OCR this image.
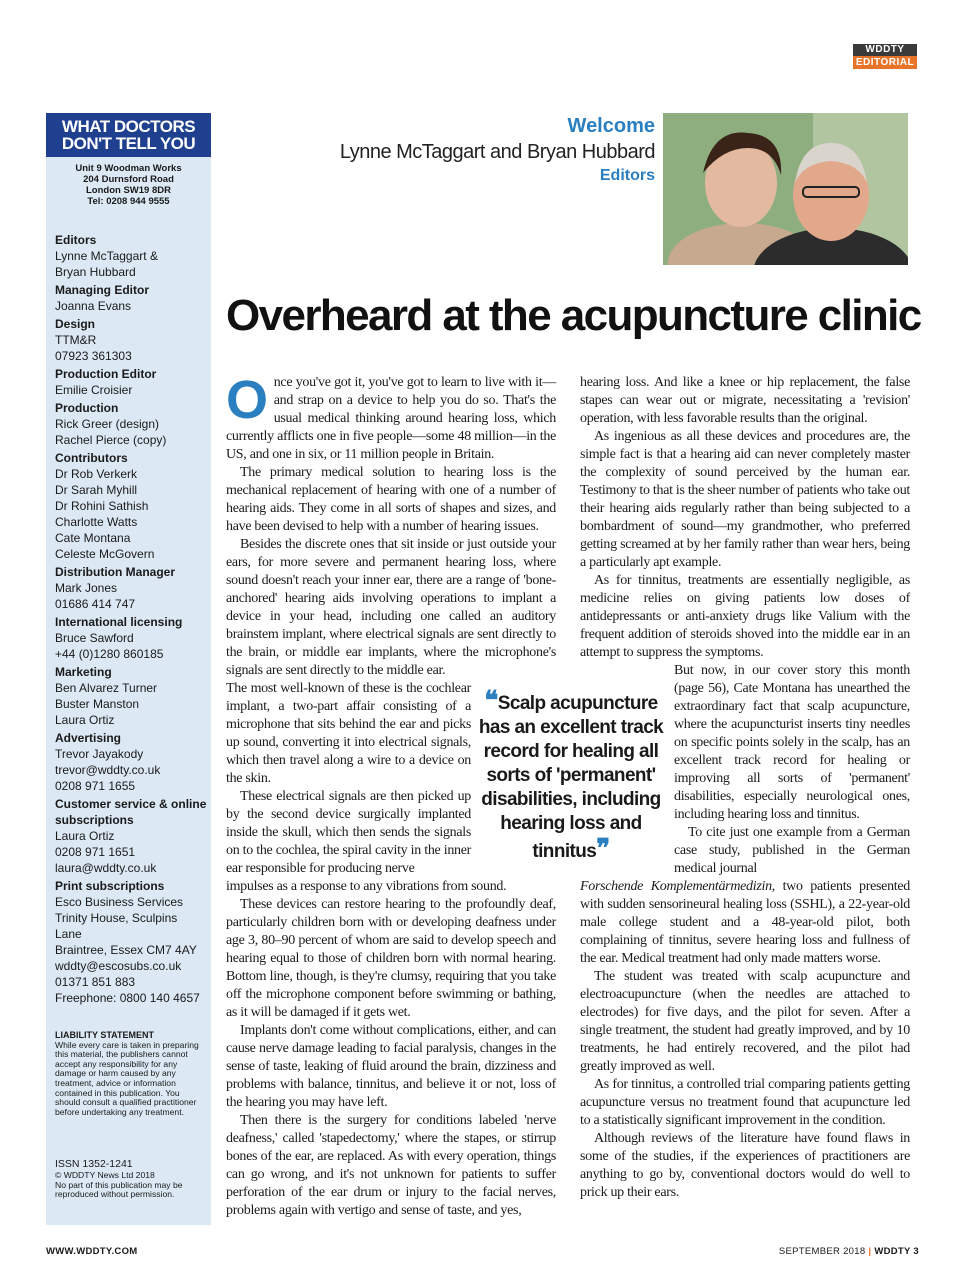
WDDTY
EDITORIAL
WHAT DOCTORS
DON'T TELL YOU
Unit 9 Woodman Works
204 Durnsford Road
London SW19 8DR
Tel: 0208 944 9555
Editors
Lynne McTaggart &
Bryan Hubbard
Managing Editor
Joanna Evans
Design
TTM&R
07923 361303
Production Editor
Emilie Croisier
Production
Rick Greer (design)
Rachel Pierce (copy)
Contributors
Dr Rob Verkerk
Dr Sarah Myhill
Dr Rohini Sathish
Charlotte Watts
Cate Montana
Celeste McGovern
Distribution Manager
Mark Jones
01686 414 747
International licensing
Bruce Sawford
+44 (0)1280 860185
Marketing
Ben Alvarez Turner
Buster Manston
Laura Ortiz
Advertising
Trevor Jayakody
trevor@wddty.co.uk
0208 971 1655
Customer service & online subscriptions
Laura Ortiz
0208 971 1651
laura@wddty.co.uk
Print subscriptions
Esco Business Services
Trinity House, Sculpins Lane
Braintree, Essex CM7 4AY
wddty@escosubs.co.uk
01371 851 883
Freephone: 0800 140 4657
LIABILITY STATEMENT
While every care is taken in preparing this material, the publishers cannot accept any responsibility for any damage or harm caused by any treatment, advice or information contained in this publication. You should consult a qualified practitioner before undertaking any treatment.
ISSN 1352-1241
© WDDTY News Ltd 2018
No part of this publication may be reproduced without permission.
Welcome
Lynne McTaggart and Bryan Hubbard
Editors
Overheard at the acupuncture clinic

Once you've got it, you've got to learn to live with it—and strap on a device to help you do so. That's the usual medical thinking around hearing loss, which currently afflicts one in five people—some 48 million—in the US, and one in six, or 11 million people in Britain.

The primary medical solution to hearing loss is the mechanical replacement of hearing with one of a number of hearing aids. They come in all sorts of shapes and sizes, and have been devised to help with a number of hearing issues.

Besides the discrete ones that sit inside or just outside your ears, for more severe and permanent hearing loss, where sound doesn't reach your inner ear, there are a range of 'bone-anchored' hearing aids involving operations to implant a device in your head, including one called an auditory brainstem implant, where electrical signals are sent directly to the brain, or middle ear implants, where the microphone's signals are sent directly to the middle ear.

The most well-known of these is the cochlear implant, a two-part affair consisting of a microphone that sits behind the ear and picks up sound, converting it into electrical signals, which then travel along a wire to a device on the skin.

These electrical signals are then picked up by the second device surgically implanted inside the skull, which then sends the signals on to the cochlea, the spiral cavity in the inner ear responsible for producing nerve

impulses as a response to any vibrations from sound.

These devices can restore hearing to the profoundly deaf, particularly children born with or developing deafness under age 3, 80–90 percent of whom are said to develop speech and hearing equal to those of children born with normal hearing. Bottom line, though, is they're clumsy, requiring that you take off the microphone component before swimming or bathing, as it will be damaged if it gets wet.

Implants don't come without complications, either, and can cause nerve damage leading to facial paralysis, changes in the sense of taste, leaking of fluid around the brain, dizziness and problems with balance, tinnitus, and believe it or not, loss of the hearing you may have left.

Then there is the surgery for conditions labeled 'nerve deafness,' called 'stapedectomy,' where the stapes, or stirrup bones of the ear, are replaced. As with every operation, things can go wrong, and it's not unknown for patients to suffer perforation of the ear drum or injury to the facial nerves, problems again with vertigo and sense of taste, and yes,

❝Scalp acupuncture has an excellent track record for healing all sorts of 'permanent' disabilities, including hearing loss and tinnitus❞

hearing loss. And like a knee or hip replacement, the false stapes can wear out or migrate, necessitating a 'revision' operation, with less favorable results than the original.

As ingenious as all these devices and procedures are, the simple fact is that a hearing aid can never completely master the complexity of sound perceived by the human ear. Testimony to that is the sheer number of patients who take out their hearing aids regularly rather than being subjected to a bombardment of sound—my grandmother, who preferred getting screamed at by her family rather than wear hers, being a particularly apt example.

As for tinnitus, treatments are essentially negligible, as medicine relies on giving patients low doses of antidepressants or anti-anxiety drugs like Valium with the frequent addition of steroids shoved into the middle ear in an attempt to suppress the symptoms.

But now, in our cover story this month (page 56), Cate Montana has unearthed the extraordinary fact that scalp acupuncture, where the acupuncturist inserts tiny needles on specific points solely in the scalp, has an excellent track record for healing or improving all sorts of 'permanent' disabilities, especially neurological ones, including hearing loss and tinnitus.

To cite just one example from a German case study, published in the German medical journal

Forschende Komplementärmedizin, two patients presented with sudden sensorineural healing loss (SSHL), a 22-year-old male college student and a 48-year-old pilot, both complaining of tinnitus, severe hearing loss and fullness of the ear. Medical treatment had only made matters worse.

The student was treated with scalp acupuncture and electroacupuncture (when the needles are attached to electrodes) for five days, and the pilot for seven. After a single treatment, the student had greatly improved, and by 10 treatments, he had entirely recovered, and the pilot had greatly improved as well.

As for tinnitus, a controlled trial comparing patients getting acupuncture versus no treatment found that acupuncture led to a statistically significant improvement in the condition.

Although reviews of the literature have found flaws in some of the studies, if the experiences of practitioners are anything to go by, conventional doctors would do well to prick up their ears.

WWW.WDDTY.COM	SEPTEMBER 2018 | WDDTY 3
